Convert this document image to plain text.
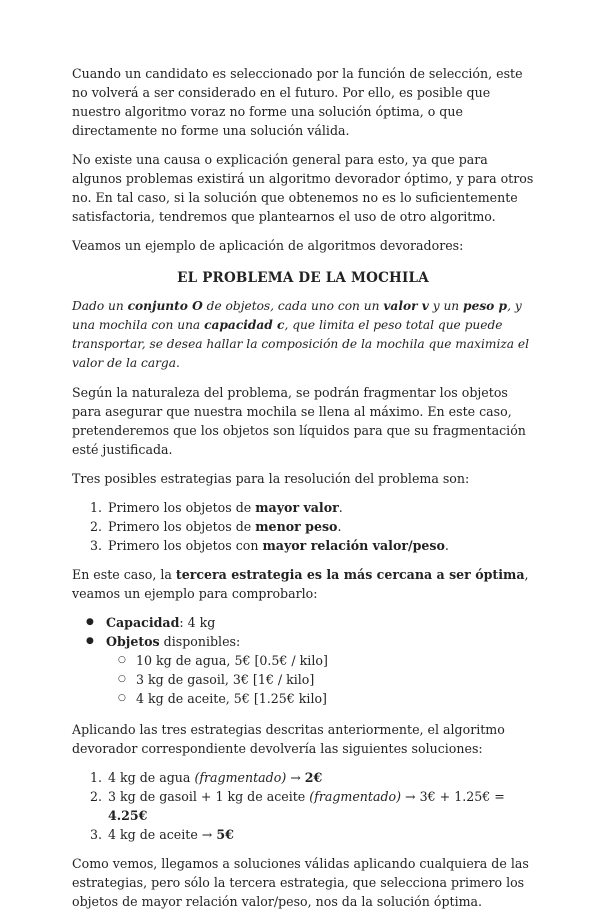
Cuando un candidato es seleccionado por la función de selección, este no volverá a ser considerado en el futuro. Por ello, es posible que nuestro algoritmo voraz no forme una solución óptima, o que directamente no forme una solución válida.

No existe una causa o explicación general para esto, ya que para algunos problemas existirá un algoritmo devorador óptimo, y para otros no. En tal caso, si la solución que obtenemos no es lo suficientemente satisfactoria, tendremos que plantearnos el uso de otro algoritmo.

Veamos un ejemplo de aplicación de algoritmos devoradores:

EL PROBLEMA DE LA MOCHILA

Dado un conjunto O de objetos, cada uno con un valor v y un peso p, y una mochila con una capacidad c, que limita el peso total que puede transportar, se desea hallar la composición de la mochila que maximiza el valor de la carga.

Según la naturaleza del problema, se podrán fragmentar los objetos para asegurar que nuestra mochila se llena al máximo. En este caso, pretenderemos que los objetos son líquidos para que su fragmentación esté justificada.

Tres posibles estrategias para la resolución del problema son:

1. Primero los objetos de mayor valor.
2. Primero los objetos de menor peso.
3. Primero los objetos con mayor relación valor/peso.

En este caso, la tercera estrategia es la más cercana a ser óptima, veamos un ejemplo para comprobarlo:

● Capacidad: 4 kg
● Objetos disponibles:
○ 10 kg de agua, 5€ [0.5€ / kilo]
○ 3 kg de gasoil, 3€ [1€ / kilo]
○ 4 kg de aceite, 5€ [1.25€ kilo]

Aplicando las tres estrategias descritas anteriormente, el algoritmo devorador correspondiente devolvería las siguientes soluciones:

1. 4 kg de agua (fragmentado) → 2€
2. 3 kg de gasoil + 1 kg de aceite (fragmentado) → 3€ + 1.25€ = 4.25€
3. 4 kg de aceite → 5€

Como vemos, llegamos a soluciones válidas aplicando cualquiera de las estrategias, pero sólo la tercera estrategia, que selecciona primero los objetos de mayor relación valor/peso, nos da la solución óptima.
